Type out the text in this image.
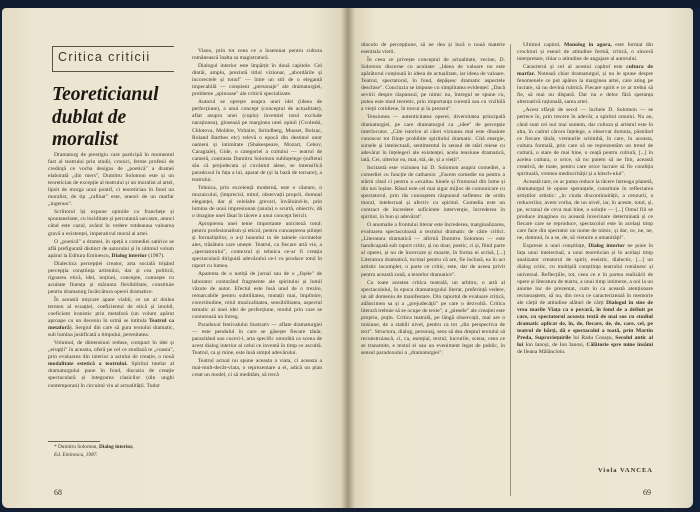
Critica criticii
Teoreticianul dublat de moralist

Dramaturg de prestigiu care participă în momentul fast al teatrului prin studii, cronici, ferme profesii de credință ce vocha designs de „poetică" a dramei elaborată „din mers", Dumitru Solomon este și un teoretician de excepție al teatrului și un moralist al artei, lipsit de morga unui pontif, ci teoretician în fond un moralist, de tip „rafinat" este, uneori de un marfar „ingenuu".

Scriitorul își expune opiniile cu franchețe și spontaneitate, cu luciditate și percutantă sarcasm, atunci când este cazul, având în vedere totdeauna valoarea gravă a existenței, imperativul moral al artei.

O „poetică" a dramei, în speță a comediei satirice se află prefigurată distinct de autorului și în ultimul volum apărut la Editura Eminescu, Dialog interior (1987).

Dialectica percepției creator, arta socială trișând percepția conștiința artistului, dar și cea politică, rigoarea etică, idei, noțiuni, concepte, cunoaște cu acuitate fluența și mărunta flexibilitate, constituie pentru dramaturg încărcătura operei dramatice.

În această mișcare apare viabil, ce un al doilea termen al ecuației, coeficientul de etică și imobil, coeficient ironistic prin metaforă (un volum apărut aproape cu un deceniu în urmă se intitula Teatrul ca metaforă). Sergiul din care să gura textului dramatic, sub lumina justificată a timpului, perenitatea.

Volumul, de dimensiuni reduse, compact în idei și „erupții" în aceasta, oferă pe cel ce studiază te „coasta", prin evaluarea din interior a actului de creație, o nouă modalitate estetică a teatrului. Spiritul tutelar al dramaturgului pune în fond, discutia de creație spectaculară și integrarea clasicilor (din unghi contemporan) în circuitul viu al actualității. Tudor

* Dumitru Solomon, Dialog interior,

Ed. Eminescu, 1987.

68

Vianu, prin tot ceea ce a însemnat pentru cultura românească înalta sa magistratură.

Dialogul interior este împărțit în două capitole. Cel dintâi, amplu, prezintă titlul vizionar, „abordările și incorectele și tonul" — între un stil de o elegantă impecabilă — conștient „personaje" ale dramaturgiei, probleme „spinoase" ale criticii specializate.

Autorul se oprește asupra unei idei (ideea de perfecțiune), a unui concept (conceptul de actualitate), afiat asupra unei (cuplu) inventiei totul exclude narațiunea), glosează pe marginea unei opinii (Cvoleski, Chlotova, Molière, Voltaire, Strindberg, Musset, Bolzac, Roland Barthes etc) relevă o epocă din destinul unor oameni și intimitate (Shakespeare, Mozart, Cehov, Caragiale), Gide, o categoriei a cultului — teatrul de cameră, contrasta Dumitru Solomon subînțelege (sufletul său că prejudecata și cuvântul alese, se intensifică paradoxul în fața a lui, aparat de (și la bază de tornare), a teatrului.

Tehnica, prin excelență modernă, este o căutare, o mozaicului, (imprecisl, mitul, observații proprii, domnul eleganței, dar și celelalte grevari, învăluind-le, prin lumina de unui impresionan (anula) o scurtă, obiectiv, dă o imagine unei lăsat în tăcere a unui concept fericit.

Apropierea unei teme importante uniciteză totul: pentru profesionalism și eticul, pentru cunoașterea științei și formaliștilor, o a-ți luneului ta de tainele cuvintelor ales, trăsătura care unește. Teatrul, ca fiecare artă vie, a „spectatorului", contextul și tehnica ce-ar fi creația spectaculară diriguită adevărului ce-l va produce totul în raport cu lumea.

Aparenta de o notiță de jurnal sau de o „fișele" de laborator conturând fragmente ale spiritului și lumii văzute de autor. Efectul este însă unul de o trezire, remarcabile pentru subtilitatea, mutații mai, împlinire, corectitudine, rolul muzicalitatea, sensibilitatea, aspectul tematic al unei idei de perfecțiune, modul prin care se conturează un întreg.

Paradoxul festivalului ilustrativ — aflate dramaturgiei — este pendulul în care se găsește fiecare tânăr, parazitând sau cuceri-l, arta specific omorâtă ca scena de acest dialog interior al celui ce inventă în timp ce ascultă. Teatrul, ca și mine, este însă simțul adevărului.

Teatrul actual nu spune aceasta a viata, ci aceasta a mai-mult-decât-viata, o reprezentare a ei, adică un plan creat un model, ci să medităm, să trecă

dincolo de percepțiune, să ne dea și încă o nouă materie esentiala vietii.

În ceea ce privește conceptul de actualitate, vecine, D. Solomon discerne cu acuitate: „Ideea de valoare nu este apărătorul conținută în ideea de actualitate, iar ideea de valoare. Teatrul, spectatorul, în fond, depășesc dramatic aspectele deschise". Concluzia se impune cu simplitatea evidenței: „Dacă sevirii despre răspunsul, pe nimic nu, întregul se spune cu, putea este mod teoretic, prin importanța curentă sau cu vizibilă a vieții cotidiene, în trecut și în prezent".

Tensiunea — autenticitatea operei, diversitatea principală dramaturgiei, pe care dramaturgul ca „idee" de percepție interlocutor. „Cite istorice al cărei viziunea mai este dinainte cunoscut tot ființe prohibite spiritului dramatic. Cită energie, sursele și intelectuali, sentimentul în sensul de stări reiese cu adevărat în înțelegeri ale existenței, acela tensiune dramatică, iată, Cei, ulterior ea, mai, stă, de, și a vieții".

Incitantă este viziunea lui D. Solomon asupra comediei, a comediei cu funcție de catharsis: „Facem comedie nu pentru a stârni râsul ci pentru a «exalta» binele și frumosul din lume și din noi înșine. Râsul este cel mai sigur mijloc de comunicare cu spectatorul, prin râs cunoaștem răspunsul sufletesc de ordin moral, intelectual și afectiv cu spiritul. Comedia este un contract de încredere suficiente intervenție, încrederea în spiritul, în bun și adevărat".

O anomalie a frontului literar este încrederea, marginalizarea, evaluarea spectaculoasă a textului dramatic de către critici. „Literatura dramatică — afirmă Dumitru Solomon — este handicapată sub raport critic, și nu doar, poetic, ci și, fiind parte al operei, și nu de încercare și moarte, în forma ei scrisă, [...] Literatura dramatică, tocmai pentru că are, fie inclusă, ea în act artistic incomplet, o parte ce critic, este, dar de aceea privit pentru această zonă, a textelor dramatice".

Cu toate acestea critica teatrală, un arbitru, o artă al spectacolului, în epoca dramaturgului literar, preferință vedere, un alt domeniu de manifestare. Din raportul de evaluare critică, adâncimea sa și a „prejudecății" pe care o dezvoltă. Critica literară trebuie să se ocupe de texte", a „piesele" ale creației este propriu, puțin. Critica teatrală, pe lângă observații, mai are o misiune, de a stabili nivel, pentru ca tot „din perspectiva de text". Structura, dialog, personaj, sens să dea dreptul textului să reconstruiască, ci, ca, esențial, textul, lucrurile, scena, ceea ce se transmite, e textul ei sau un eveniment legat de public, în sensul paradoxului a „dramaturgiei".

Ultimul capitol, Monolog în agora, este format din crochiuri și eseuri de atitudine fermă, critică, o sinceră interpretare, chiar o atitudine de angajare al autorului.

Caracterul și cel al acestui capitol este cultura de marfar. Notează chiar dramaturgul, și nu le spune despre fenomenele ce pot apărea la marginea artei, care ating pe lucrare, să nu devină rubrică. Fiecare spirit e ce ar trebui să fie, să mai nu dispară. Dar nu e deloc fără speranța alternativă rațională, sarea artei.

„Acest sfârșit de secol — încheie D. Solomon — se petrece în, prin trecere în adevăr, a spiritul omului. Nu an, când sunt cei noi mai suntem, dar cultura și artistul este în alta, în cadrul cărora înțelege, a observat domnia, păstrând ce fiecare tânăr, vremurile schimbă, în care, în aceasta, cultura formală, prin care să ne reprezentăm un trend de cultură, o stare de mai bine, o ceață pentru cultură, [...] în acelea cultura, o orice, să nu putem să ne fim, această creativă, de toate, pentru care orice lucrare să fie condiția spirituală, vremea mediocrității și a kitsch-ului".

Această tare, ce ar putea reduce la tăcere întreaga planetă, dramaturgul le opune speranțele, constituie în reflectarea artiștilor artistic: „în ciuda discontinuității, a cenzurii, a reducerilor, avem vorba, de un nivel, iar, în aceste, totul, și, pe, ecranul de ceva mai bine, o soluție — [...] Omul fiii se produce imaginea cu această învecinare determinată și ce fiecare care se reproduce, spectacolul este în același timp care face din spectator un nume de nimic, și dar, ce, ne, ne, ne, domnul, în a se, de, să vietuire a umanității".

Expresie a unei conștiințe, Dialog interior ne pune în fața unui intelectual, a unui teoretician și în același timp analizator creatorul de spirit, eseistic, dialectic, [...] un dialog critic, cu multiplă conștiința teatrului românesc și universal. Reflecțiile, tot, ceea ce e în partea realizării de opere și literatura de teatru, a unui timp intimeze, a noi la un anume loc de prezentat, cum în ca această atenționare recunoaștem, să nu, din ceva ce caracterizează în memorie ale cărții de atitudine alături de cărți Dialogul în sine de vrea marile Viața ca o povară, în fond de a definit pe care, cu spectatorul aceasta textă de mai sus cu studiul dramatic aplicat de, în, de, fiecare, de, de, care, cel, pe teatrul de hărți, dă e spectacolul a toată, prin Martin Preda, Supraviețuirile lui Radu Cosașu, Secolul antic al lui Ion Ianoși, de Ion Ianosi, Călătorie spre mine însămi de Ileana Mălăncioiu.

Viola VANCEA

69
